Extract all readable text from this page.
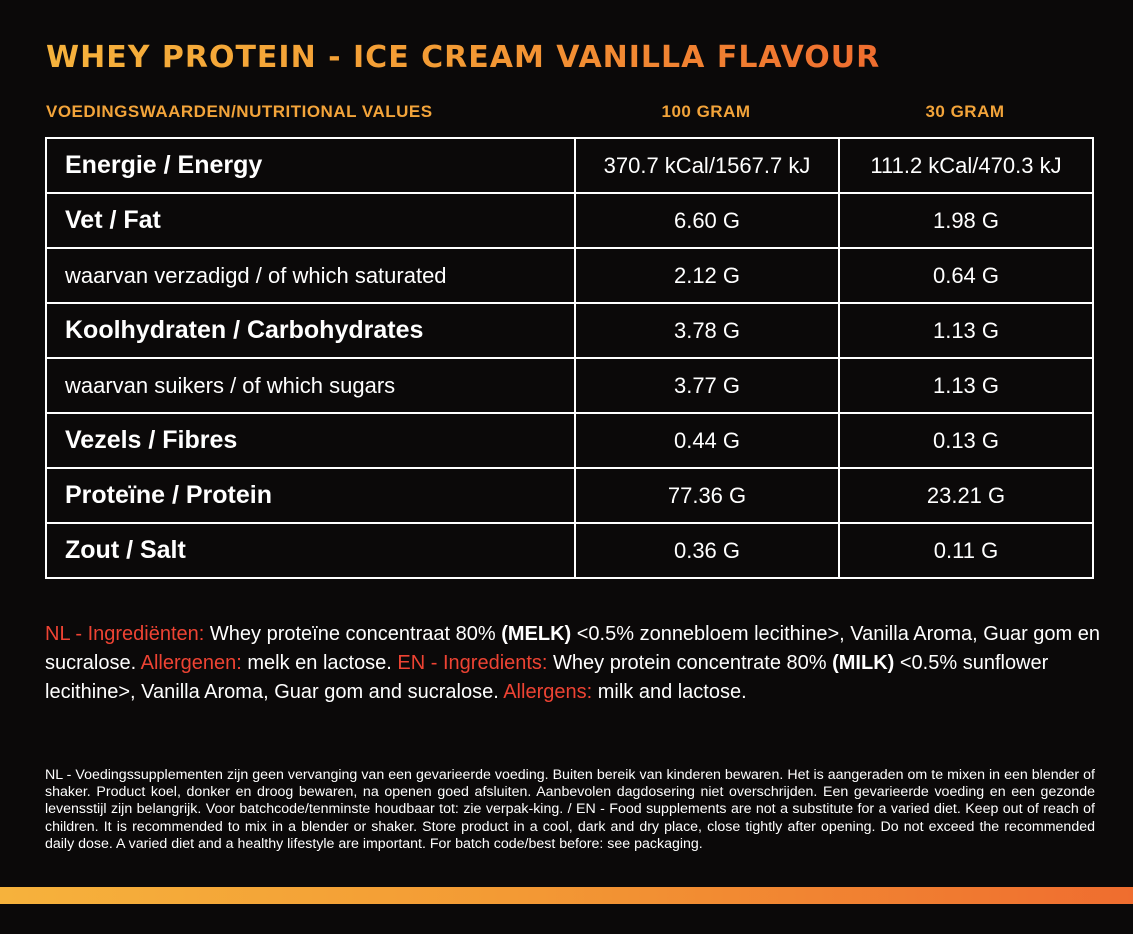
WHEY PROTEIN - ICE CREAM VANILLA FLAVOUR
VOEDINGSWAARDEN/NUTRITIONAL VALUES	100 GRAM	30 GRAM
Energie / Energy	370.7 kCal/1567.7 kJ	111.2 kCal/470.3 kJ
Vet / Fat	6.60 G	1.98 G
waarvan verzadigd / of which saturated	2.12 G	0.64 G
Koolhydraten / Carbohydrates	3.78 G	1.13 G
waarvan suikers / of which sugars	3.77 G	1.13 G
Vezels / Fibres	0.44 G	0.13 G
Proteïne / Protein	77.36 G	23.21 G
Zout / Salt	0.36 G	0.11 G
NL - Ingrediënten: Whey proteïne concentraat 80% (MELK) <0.5% zonnebloem lecithine>, Vanilla Aroma, Guar gom en sucralose. Allergenen: melk en lactose. EN - Ingredients: Whey protein concentrate 80% (MILK) <0.5% sunflower lecithine>, Vanilla Aroma, Guar gom and sucralose. Allergens: milk and lactose.
NL - Voedingssupplementen zijn geen vervanging van een gevarieerde voeding. Buiten bereik van kinderen bewaren. Het is aangeraden om te mixen in een blender of shaker. Product koel, donker en droog bewaren, na openen goed afsluiten. Aanbevolen dagdosering niet overschrijden. Een gevarieerde voeding en een gezonde levensstijl zijn belangrijk. Voor batchcode/tenminste houdbaar tot: zie verpak-king. / EN - Food supplements are not a substitute for a varied diet. Keep out of reach of children. It is recommended to mix in a blender or shaker. Store product in a cool, dark and dry place, close tightly after opening. Do not exceed the recommended daily dose. A varied diet and a healthy lifestyle are important. For batch code/best before: see packaging.
